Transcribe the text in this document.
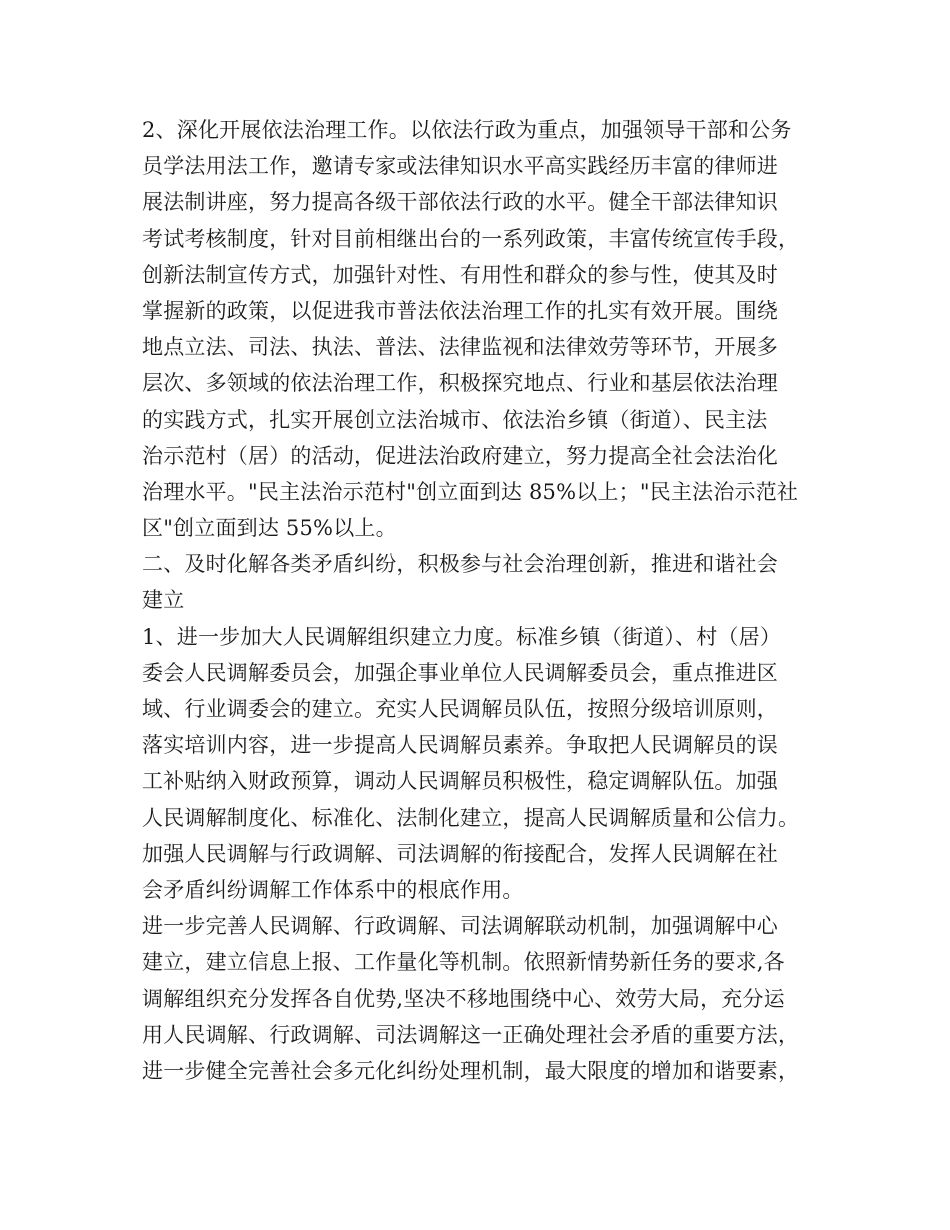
2、深化开展依法治理工作。以依法行政为重点，加强领导干部和公务
员学法用法工作，邀请专家或法律知识水平高实践经历丰富的律师进
展法制讲座，努力提高各级干部依法行政的水平。健全干部法律知识
考试考核制度，针对目前相继出台的一系列政策，丰富传统宣传手段，
创新法制宣传方式，加强针对性、有用性和群众的参与性，使其及时
掌握新的政策，以促进我市普法依法治理工作的扎实有效开展。围绕
地点立法、司法、执法、普法、法律监视和法律效劳等环节，开展多
层次、多领域的依法治理工作，积极探究地点、行业和基层依法治理
的实践方式，扎实开展创立法治城市、依法治乡镇（街道）、民主法
治示范村（居）的活动，促进法治政府建立，努力提高全社会法治化
治理水平。"民主法治示范村"创立面到达 85%以上；"民主法治示范社
区"创立面到达 55%以上。
二、及时化解各类矛盾纠纷，积极参与社会治理创新，推进和谐社会
建立
1、进一步加大人民调解组织建立力度。标准乡镇（街道）、村（居）
委会人民调解委员会，加强企事业单位人民调解委员会，重点推进区
域、行业调委会的建立。充实人民调解员队伍，按照分级培训原则，
落实培训内容，进一步提高人民调解员素养。争取把人民调解员的误
工补贴纳入财政预算，调动人民调解员积极性，稳定调解队伍。加强
人民调解制度化、标准化、法制化建立，提高人民调解质量和公信力。
加强人民调解与行政调解、司法调解的衔接配合，发挥人民调解在社
会矛盾纠纷调解工作体系中的根底作用。
进一步完善人民调解、行政调解、司法调解联动机制，加强调解中心
建立，建立信息上报、工作量化等机制。依照新情势新任务的要求,各
调解组织充分发挥各自优势,坚决不移地围绕中心、效劳大局，充分运
用人民调解、行政调解、司法调解这一正确处理社会矛盾的重要方法，
进一步健全完善社会多元化纠纷处理机制，最大限度的增加和谐要素，
